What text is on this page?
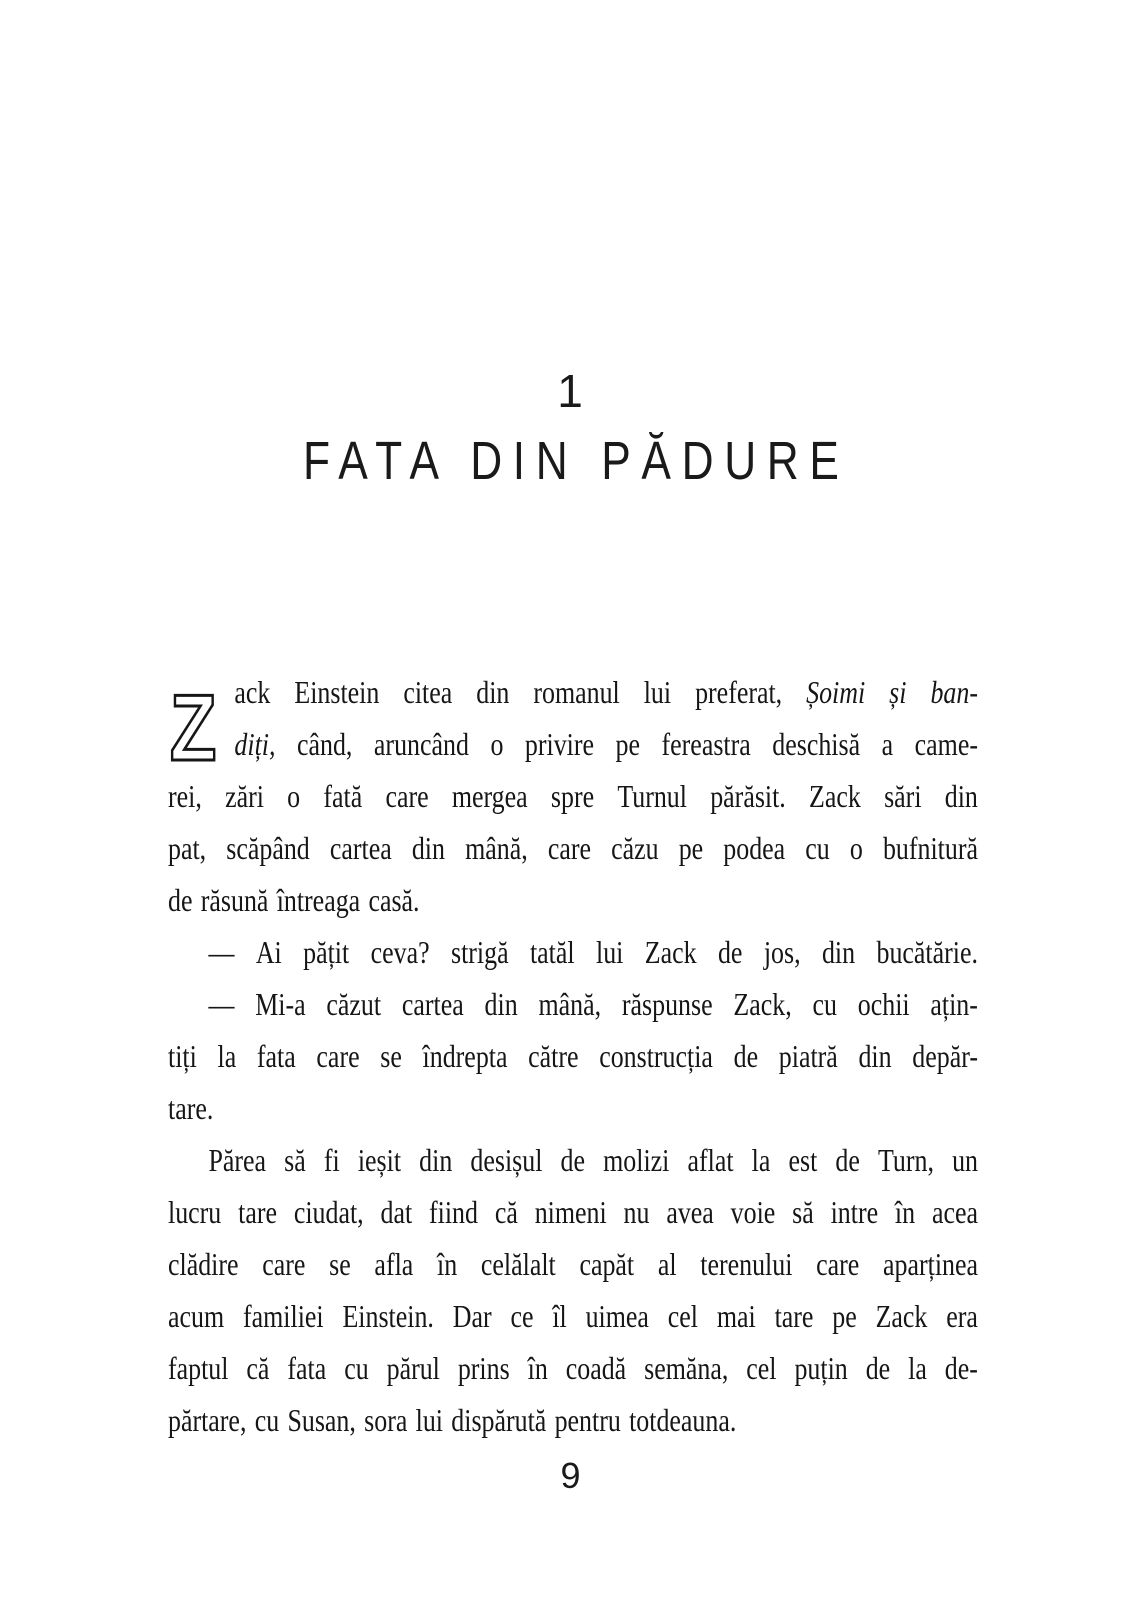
1
FATA DIN PĂDURE
Z ack Einstein citea din romanul lui preferat, Șoimi și ban-
diți, când, aruncând o privire pe fereastra deschisă a came-
rei, zări o fată care mergea spre Turnul părăsit. Zack sări din
pat, scăpând cartea din mână, care căzu pe podea cu o bufnitură
de răsună întreaga casă.
— Ai pățit ceva? strigă tatăl lui Zack de jos, din bucătărie.
— Mi-a căzut cartea din mână, răspunse Zack, cu ochii ațin-
tiți la fata care se îndrepta către construcția de piatră din depăr-
tare.
Părea să fi ieșit din desișul de molizi aflat la est de Turn, un
lucru tare ciudat, dat fiind că nimeni nu avea voie să intre în acea
clădire care se afla în celălalt capăt al terenului care aparținea
acum familiei Einstein. Dar ce îl uimea cel mai tare pe Zack era
faptul că fata cu părul prins în coadă semăna, cel puțin de la de-
părtare, cu Susan, sora lui dispărută pentru totdeauna.
9
